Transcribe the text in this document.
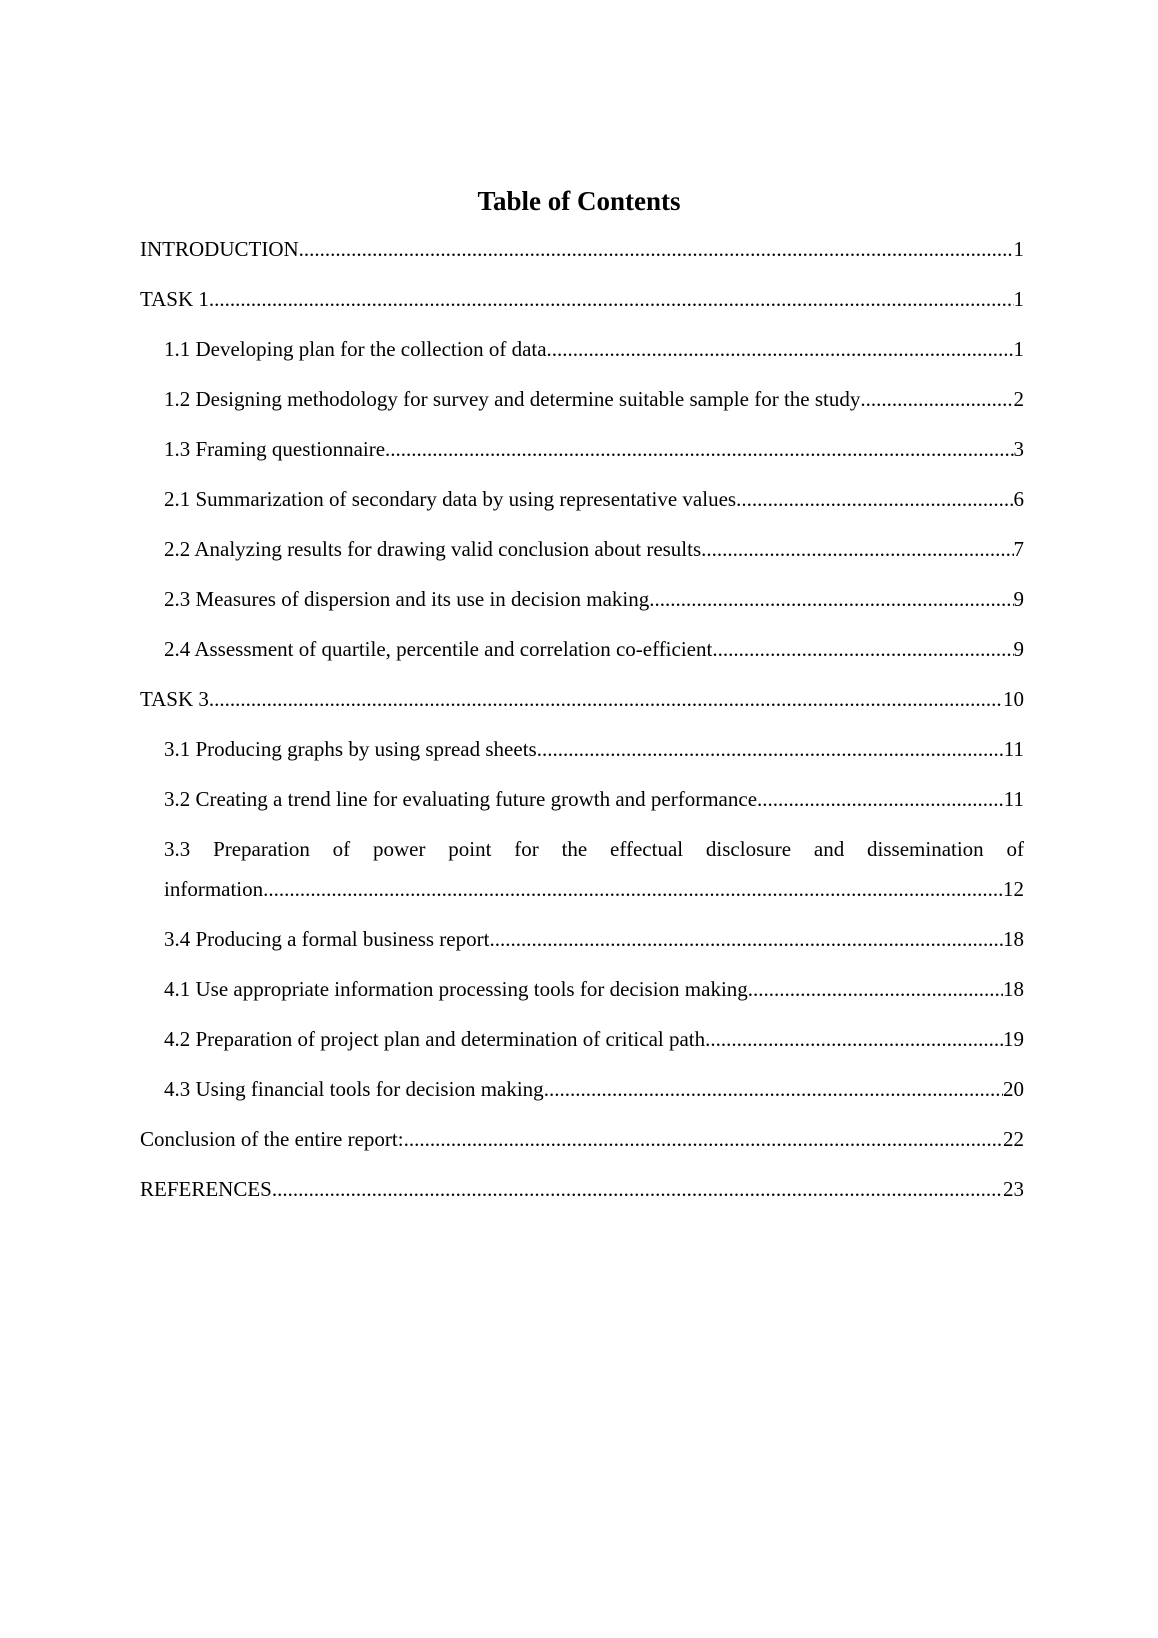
Table of Contents
INTRODUCTION .....	1
TASK 1 .....	1
1.1 Developing plan for the collection of data .....	1
1.2 Designing methodology for survey and determine suitable sample for the study .....	2
1.3 Framing questionnaire .....	3
2.1 Summarization of secondary data by using representative values .....	6
2.2 Analyzing results for drawing valid conclusion about results .....	7
2.3 Measures of dispersion and its use in decision making .....	9
2.4 Assessment of quartile, percentile and correlation co-efficient .....	9
TASK 3 .....	10
3.1 Producing graphs by using spread sheets .....	11
3.2 Creating a trend line for evaluating future growth and performance .....	11
3.3 Preparation of power point for the effectual disclosure and dissemination of
information .....	12
3.4 Producing a formal business report .....	18
4.1 Use appropriate information processing tools for decision making .....	18
4.2 Preparation of project plan and determination of critical path .....	19
4.3 Using financial tools for decision making .....	20
Conclusion of the entire report: .....	22
REFERENCES .....	23
